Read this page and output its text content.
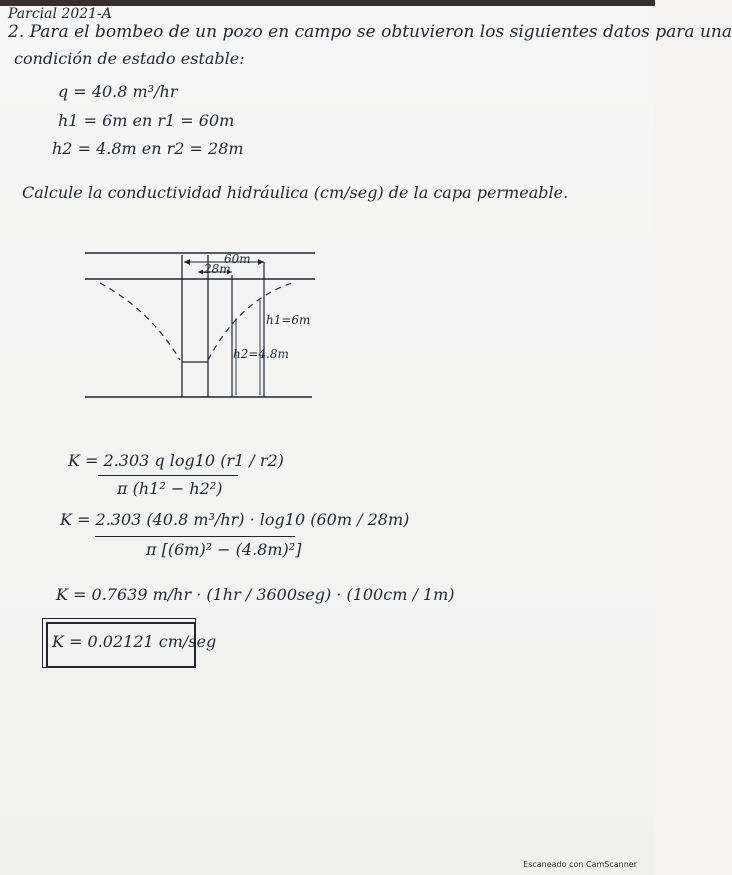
Parcial 2021-A
2. Para el bombeo de un pozo en campo se obtuvieron los siguientes datos para una
condición de estado estable:
q = 40.8 m³/hr
h1 = 6m en r1 = 60m
h2 = 4.8m en r2 = 28m
Calcule la conductividad hidráulica (cm/seg) de la capa permeable.
60m
28m
h1=6m
h2=4.8m
K = 2.303 q log10 (r1 / r2)
π (h1² − h2²)
K = 2.303 (40.8 m³/hr) · log10 (60m / 28m)
π [(6m)² − (4.8m)²]
K = 0.7639 m/hr · (1hr / 3600seg) · (100cm / 1m)
K = 0.02121 cm/seg
Escaneado con CamScanner
